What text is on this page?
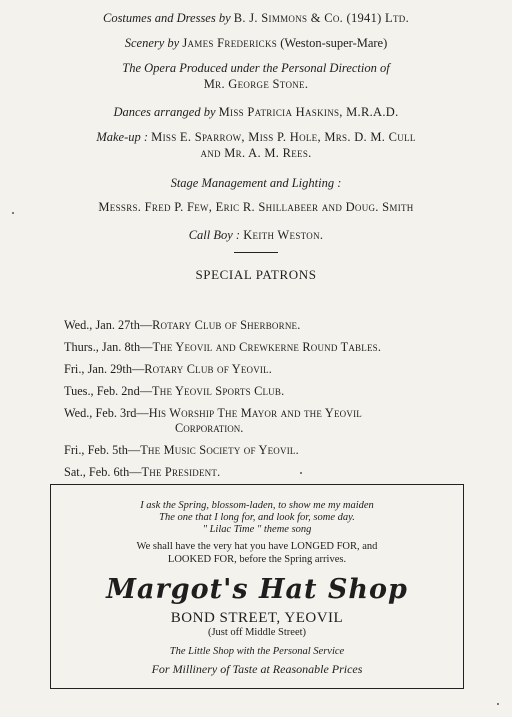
Costumes and Dresses by B. J. Simmons & Co. (1941) Ltd.

Scenery by James Fredericks (Weston-super-Mare)

The Opera Produced under the Personal Direction of
Mr. George Stone.

Dances arranged by Miss Patricia Haskins, M.R.A.D.

Make-up : Miss E. Sparrow, Miss P. Hole, Mrs. D. M. Cull
and Mr. A. M. Rees.

Stage Management and Lighting :
Messrs. Fred P. Few, Eric R. Shillabeer and Doug. Smith

Call Boy : Keith Weston.

SPECIAL PATRONS

Wed., Jan. 27th—Rotary Club of Sherborne.

Thurs., Jan. 8th—The Yeovil and Crewkerne Round Tables.

Fri., Jan. 29th—Rotary Club of Yeovil.

Tues., Feb. 2nd—The Yeovil Sports Club.

Wed., Feb. 3rd—His Worship The Mayor and the Yeovil
Corporation.

Fri., Feb. 5th—The Music Society of Yeovil.

Sat., Feb. 6th—The President.

I ask the Spring, blossom-laden, to show me my maiden
The one that I long for, and look for, some day.
" Lilac Time " theme song
We shall have the very hat you have LONGED FOR, and
LOOKED FOR, before the Spring arrives.
Margot's Hat Shop
BOND STREET, YEOVIL
(Just off Middle Street)
The Little Shop with the Personal Service
For Millinery of Taste at Reasonable Prices
